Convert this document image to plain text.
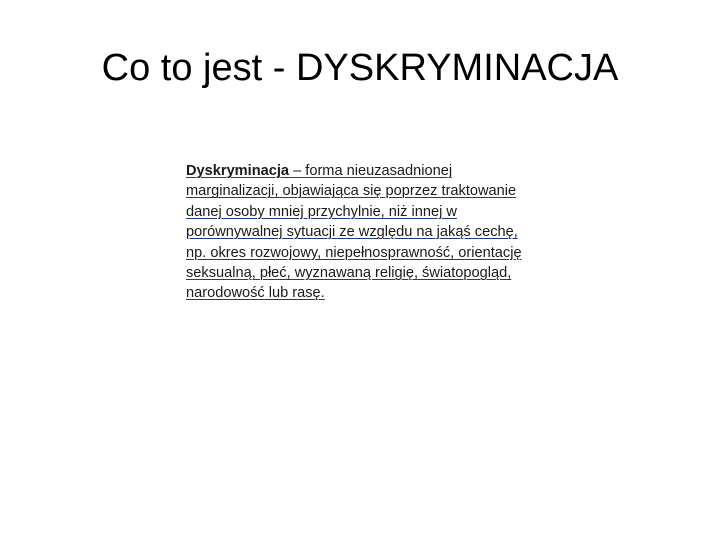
Co to jest - DYSKRYMINACJA
Dyskryminacja – forma nieuzasadnionej marginalizacji, objawiająca się poprzez traktowanie danej osoby mniej przychylnie, niż innej w porównywalnej sytuacji ze względu na jakąś cechę, np. okres rozwojowy, niepełnosprawność, orientację seksualną, płeć, wyznawaną religię, światopogląd, narodowość lub rasę.
